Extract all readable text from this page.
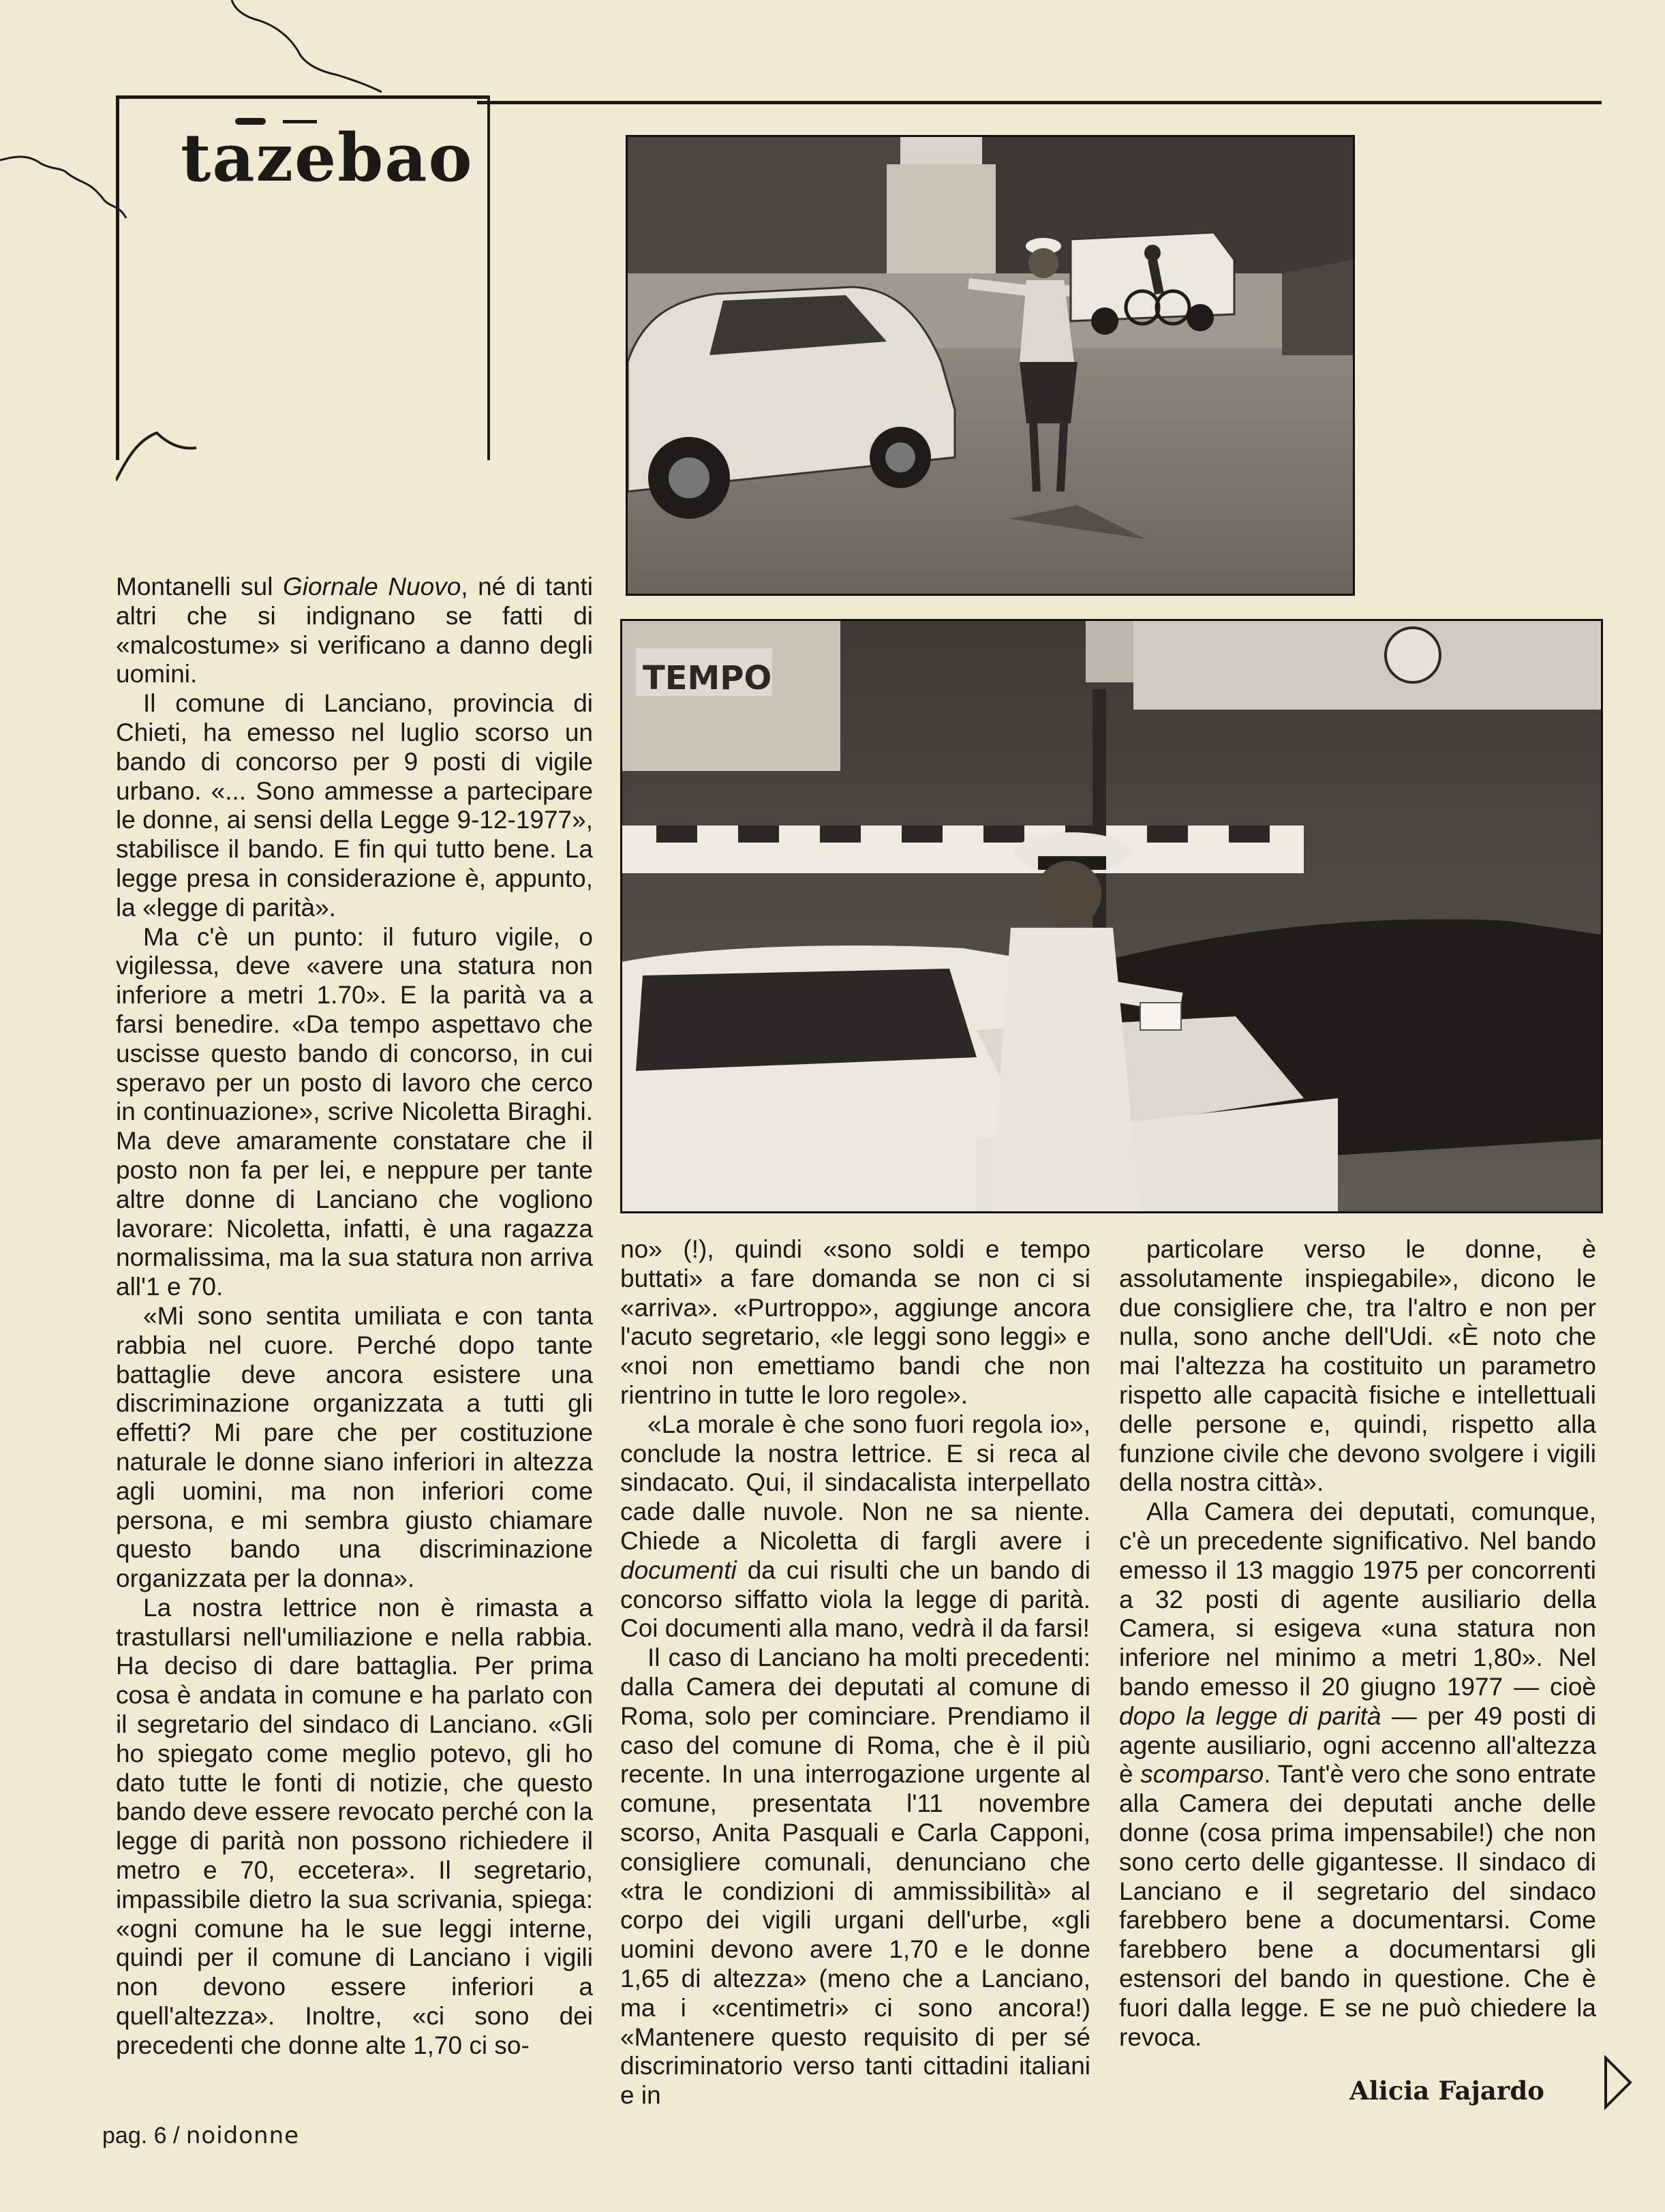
tazebao
TEMPO

Montanelli sul Giornale Nuovo, né di tanti altri che si indignano se fatti di «malcostume» si verificano a danno degli uomini.

Il comune di Lanciano, provincia di Chieti, ha emesso nel luglio scorso un bando di concorso per 9 posti di vigile urbano. «... Sono ammesse a partecipare le donne, ai sensi della Legge 9-12-1977», stabilisce il bando. E fin qui tutto bene. La legge presa in considerazione è, appunto, la «legge di parità».

Ma c'è un punto: il futuro vigile, o vigilessa, deve «avere una statura non inferiore a metri 1.70». E la parità va a farsi benedire. «Da tempo aspettavo che uscisse questo bando di concorso, in cui speravo per un posto di lavoro che cerco in continuazione», scrive Nicoletta Biraghi. Ma deve amaramente constatare che il posto non fa per lei, e neppure per tante altre donne di Lanciano che vogliono lavorare: Nicoletta, infatti, è una ragazza normalissima, ma la sua statura non arriva all'1 e 70.

«Mi sono sentita umiliata e con tanta rabbia nel cuore. Perché dopo tante battaglie deve ancora esistere una discriminazione organizzata a tutti gli effetti? Mi pare che per costituzione naturale le donne siano inferiori in altezza agli uomini, ma non inferiori come persona, e mi sembra giusto chiamare questo bando una discriminazione organizzata per la donna».

La nostra lettrice non è rimasta a trastullarsi nell'umiliazione e nella rabbia. Ha deciso di dare battaglia. Per prima cosa è andata in comune e ha parlato con il segretario del sindaco di Lanciano. «Gli ho spiegato come meglio potevo, gli ho dato tutte le fonti di notizie, che questo bando deve essere revocato perché con la legge di parità non possono richiedere il metro e 70, eccetera». Il segretario, impassibile dietro la sua scrivania, spiega: «ogni comune ha le sue leggi interne, quindi per il comune di Lanciano i vigili non devono essere inferiori a quell'altezza». Inoltre, «ci sono dei precedenti che donne alte 1,70 ci so-

no» (!), quindi «sono soldi e tempo buttati» a fare domanda se non ci si «arriva». «Purtroppo», aggiunge ancora l'acuto segretario, «le leggi sono leggi» e «noi non emettiamo bandi che non rientrino in tutte le loro regole».

«La morale è che sono fuori regola io», conclude la nostra lettrice. E si reca al sindacato. Qui, il sindacalista interpellato cade dalle nuvole. Non ne sa niente. Chiede a Nicoletta di fargli avere i documenti da cui risulti che un bando di concorso siffatto viola la legge di parità. Coi documenti alla mano, vedrà il da farsi!

Il caso di Lanciano ha molti precedenti: dalla Camera dei deputati al comune di Roma, solo per cominciare. Prendiamo il caso del comune di Roma, che è il più recente. In una interrogazione urgente al comune, presentata l'11 novembre scorso, Anita Pasquali e Carla Capponi, consigliere comunali, denunciano che «tra le condizioni di ammissibilità» al corpo dei vigili urgani dell'urbe, «gli uomini devono avere 1,70 e le donne 1,65 di altezza» (meno che a Lanciano, ma i «centimetri» ci sono ancora!) «Mantenere questo requisito di per sé discriminatorio verso tanti cittadini italiani e in

particolare verso le donne, è assolutamente inspiegabile», dicono le due consigliere che, tra l'altro e non per nulla, sono anche dell'Udi. «È noto che mai l'altezza ha costituito un parametro rispetto alle capacità fisiche e intellettuali delle persone e, quindi, rispetto alla funzione civile che devono svolgere i vigili della nostra città».

Alla Camera dei deputati, comunque, c'è un precedente significativo. Nel bando emesso il 13 maggio 1975 per concorrenti a 32 posti di agente ausiliario della Camera, si esigeva «una statura non inferiore nel minimo a metri 1,80». Nel bando emesso il 20 giugno 1977 — cioè dopo la legge di parità — per 49 posti di agente ausiliario, ogni accenno all'altezza è scomparso. Tant'è vero che sono entrate alla Camera dei deputati anche delle donne (cosa prima impensabile!) che non sono certo delle gigantesse. Il sindaco di Lanciano e il segretario del sindaco farebbero bene a documentarsi. Come farebbero bene a documentarsi gli estensori del bando in questione. Che è fuori dalla legge. E se ne può chiedere la revoca.

Alicia Fajardo
pag. 6 / noidonne
